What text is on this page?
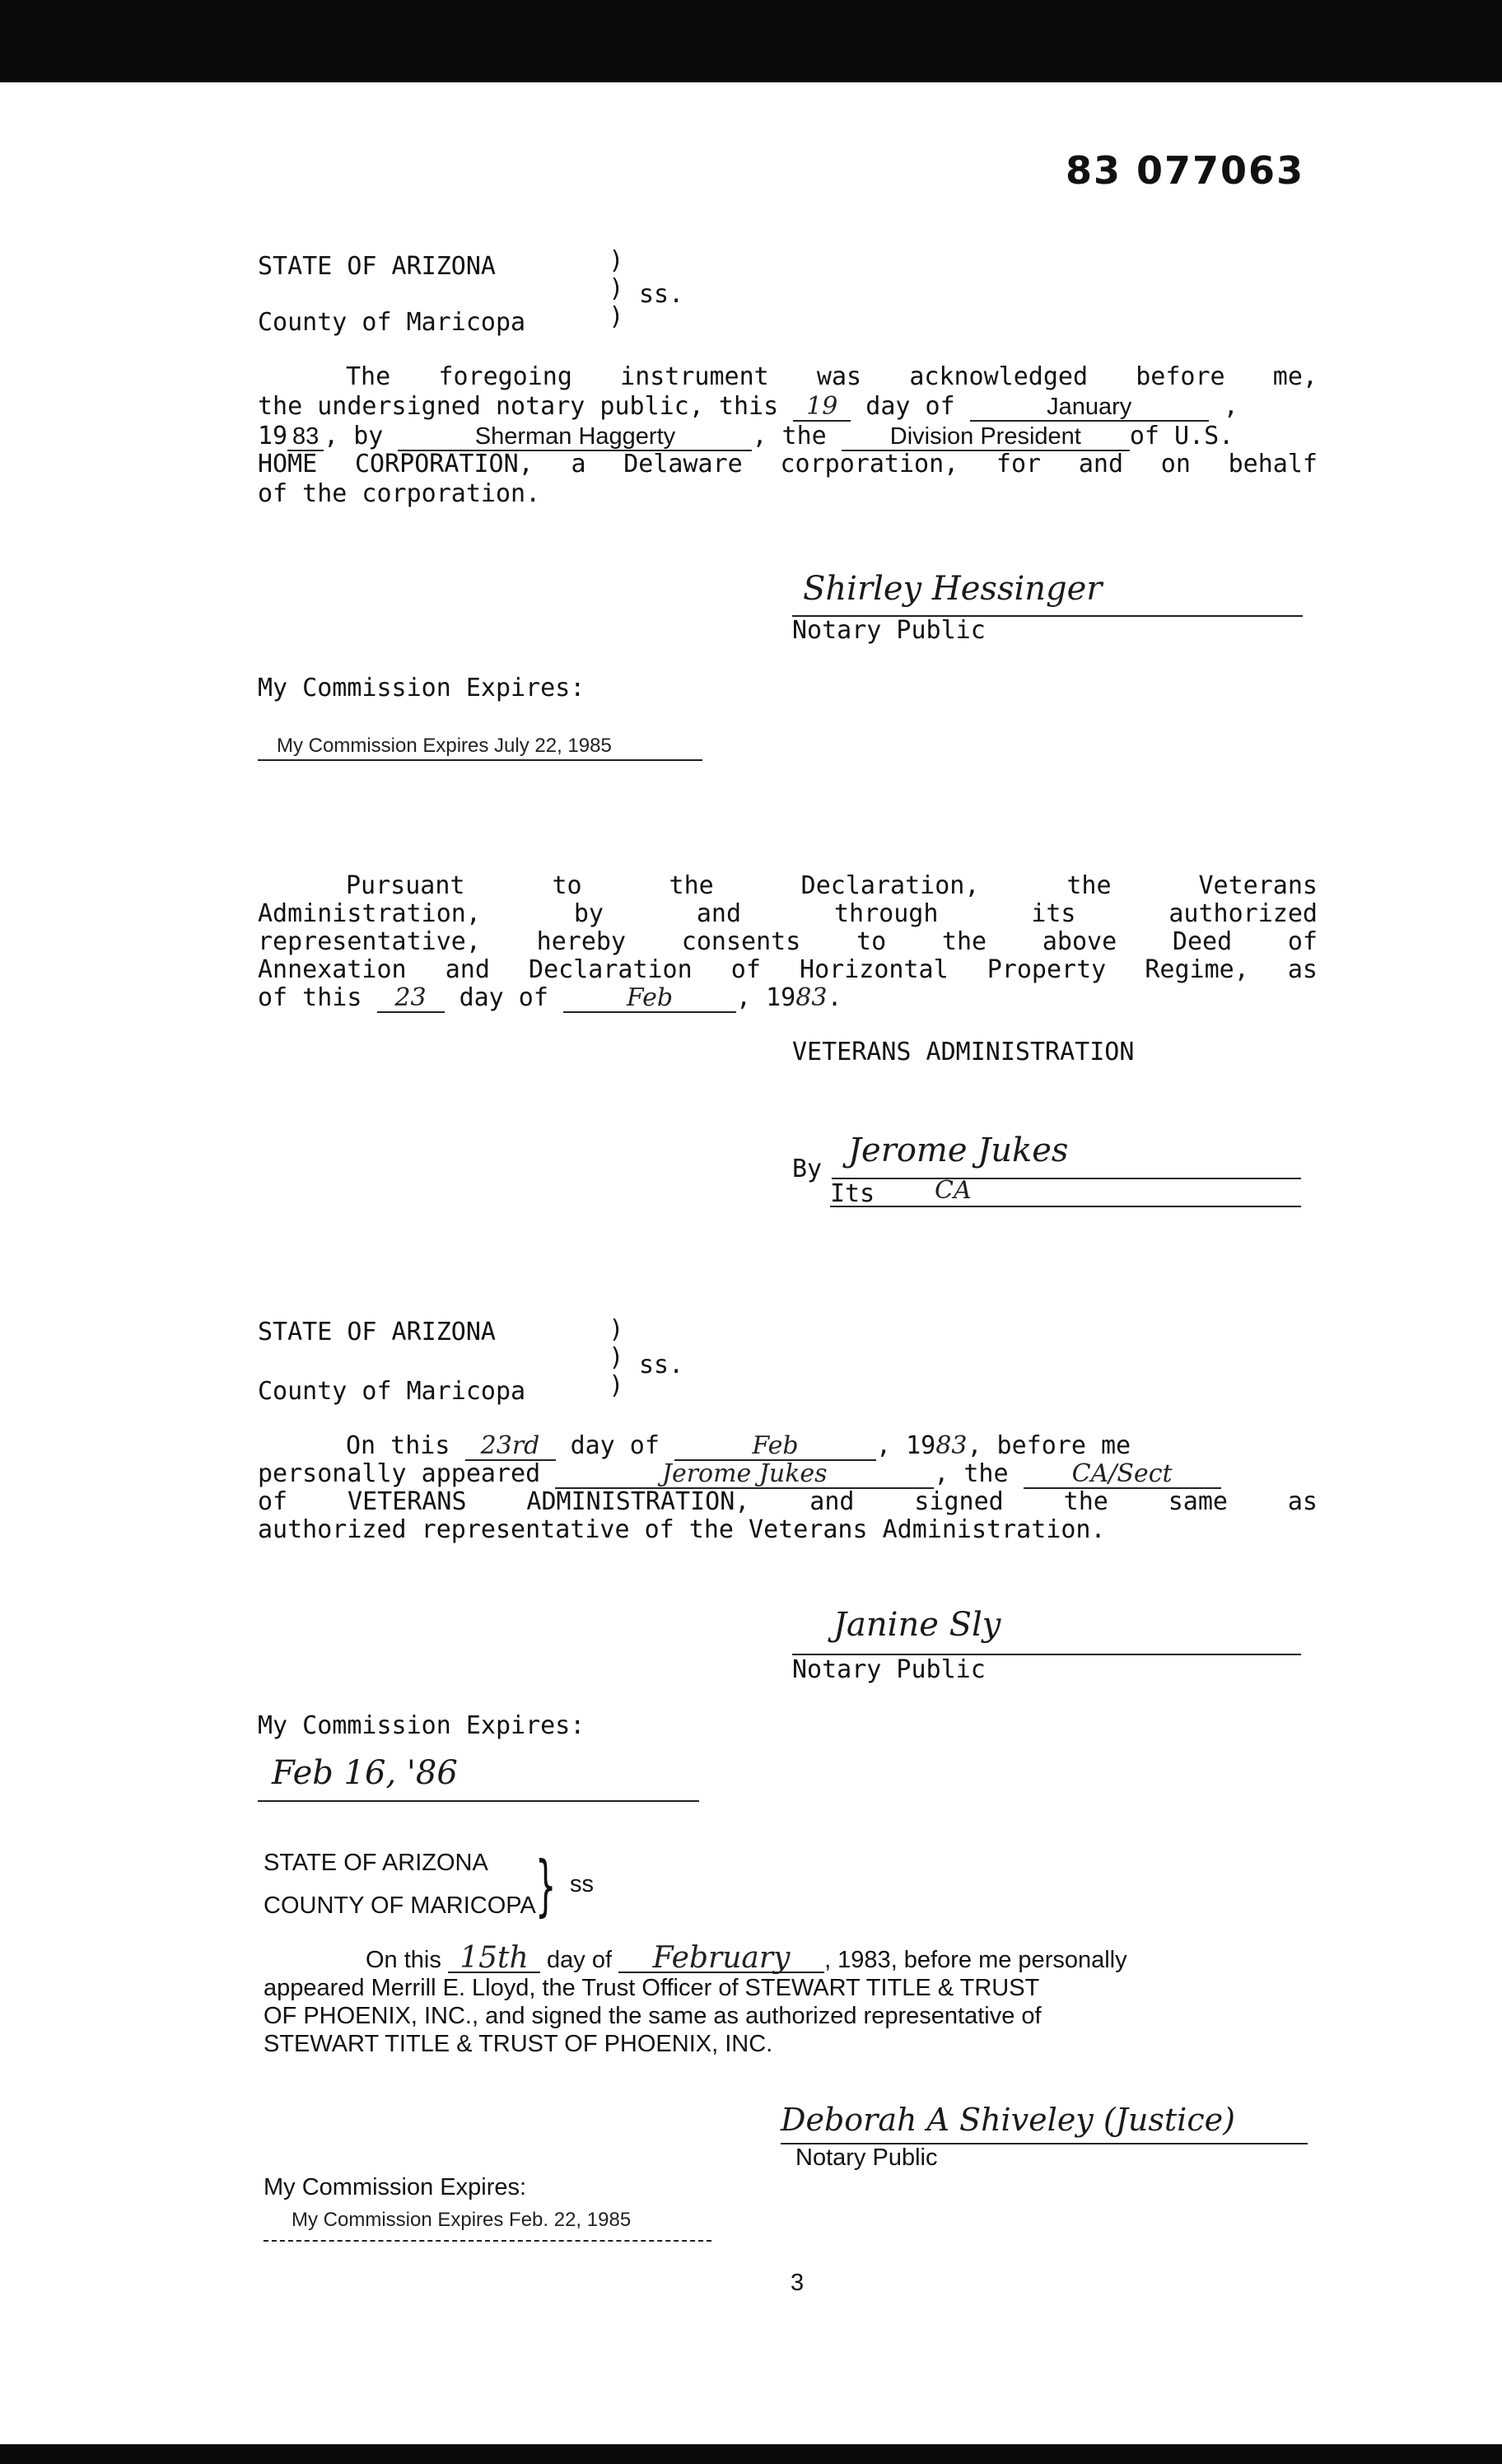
83 077063
STATE OF ARIZONA	)
)
)
ss.
County of Maricopa
The foregoing instrument was acknowledged before me,
the undersigned notary public, this 19 day of	January	,
19 83 , by	Sherman Haggerty	, the	Division President of U.S.
HOME CORPORATION, a Delaware corporation, for and on behalf
of the corporation.
Shirley Hessinger
Notary Public
My Commission Expires:
My Commission Expires July 22, 1985
Pursuant to the Declaration, the Veterans
Administration, by and through its authorized
representative, hereby consents to the above Deed of
Annexation and Declaration of Horizontal Property Regime, as
of this 23 day of	Feb	, 1983.
VETERANS ADMINISTRATION
Jerome Jukes
By
Its CA
STATE OF ARIZONA	)
)
)
ss.
County of Maricopa
On this 23rd day of	Feb	, 1983, before me
personally appeared	Jerome Jukes	, the	CA/Sect
of VETERANS ADMINISTRATION, and signed the same as
authorized representative of the Veterans Administration.
Janine Sly
Notary Public
My Commission Expires:
Feb 16, '86
STATE OF ARIZONA
COUNTY OF MARICOPA } ss
On this 15th day of February , 1983, before me personally
appeared Merrill E. Lloyd, the Trust Officer of STEWART TITLE & TRUST
OF PHOENIX, INC., and signed the same as authorized representative of
STEWART TITLE & TRUST OF PHOENIX, INC.
Deborah A Shiveley (Justice)
Notary Public
My Commission Expires:
My Commission Expires Feb. 22, 1985
3
